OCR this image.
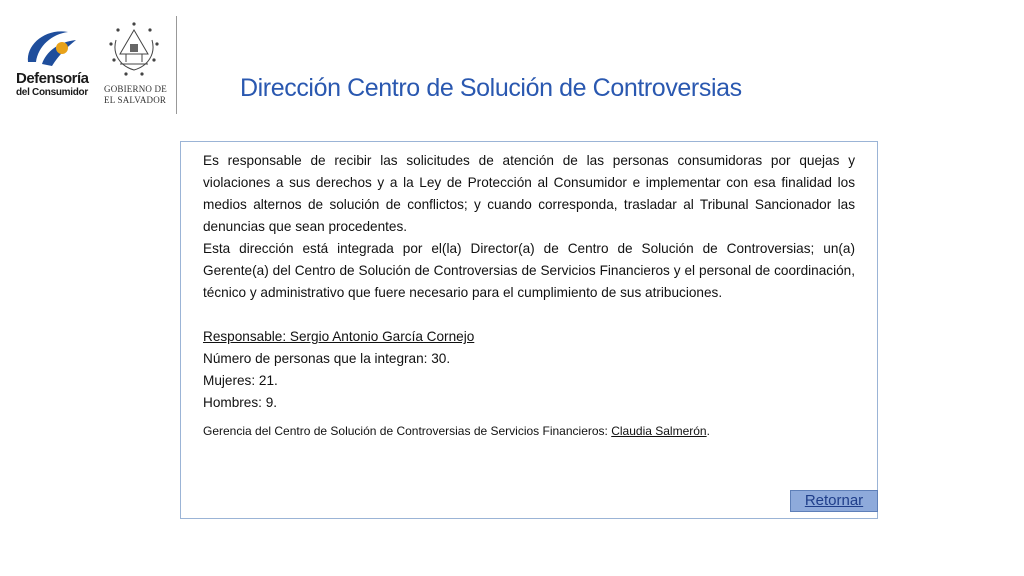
Defensoría
del Consumidor GOBIERNO DE
EL SALVADOR	Dirección Centro de Solución de Controversias

Es responsable de recibir las solicitudes de atención de las personas consumidoras por quejas y violaciones a sus derechos y a la Ley de Protección al Consumidor e implementar con esa finalidad los medios alternos de solución de conflictos; y cuando corresponda, trasladar al Tribunal Sancionador las denuncias que sean procedentes.

Esta dirección está integrada por el(la) Director(a) de Centro de Solución de Controversias; un(a) Gerente(a) del Centro de Solución de Controversias de Servicios Financieros y el personal de coordinación, técnico y administrativo que fuere necesario para el cumplimiento de sus atribuciones.

Responsable: Sergio Antonio García Cornejo

Número de personas que la integran: 30.

Mujeres: 21.

Hombres: 9.

Gerencia del Centro de Solución de Controversias de Servicios Financieros: Claudia Salmerón.

Retornar
